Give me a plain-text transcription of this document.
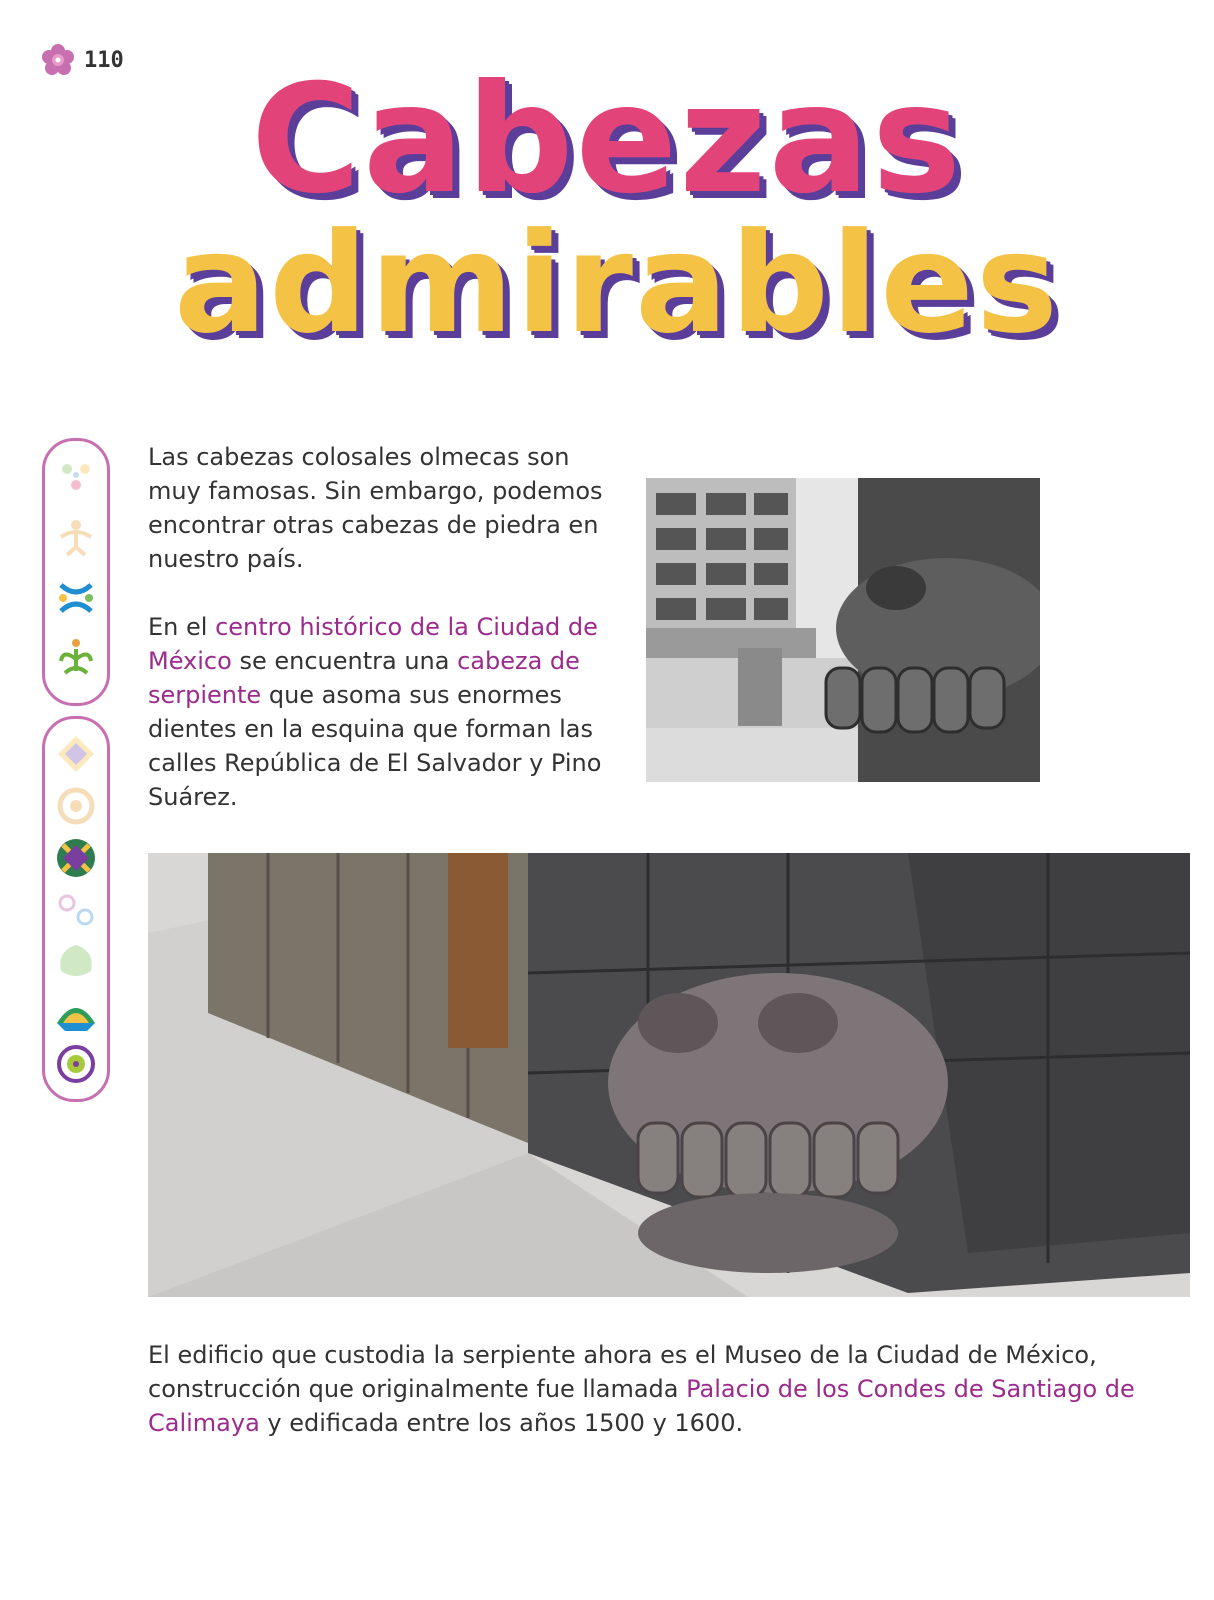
110 Cabezas
admirables

Las cabezas colosales olmecas son muy famosas. Sin embargo, podemos encontrar otras cabezas de piedra en nuestro país.

En el centro histórico de la Ciudad de México se encuentra una cabeza de serpiente que asoma sus enormes dientes en la esquina que forman las calles República de El Salvador y Pino Suárez.

El edificio que custodia la serpiente ahora es el Museo de la Ciudad de México, construcción que originalmente fue llamada Palacio de los Condes de Santiago de Calimaya y edificada entre los años 1500 y 1600.
